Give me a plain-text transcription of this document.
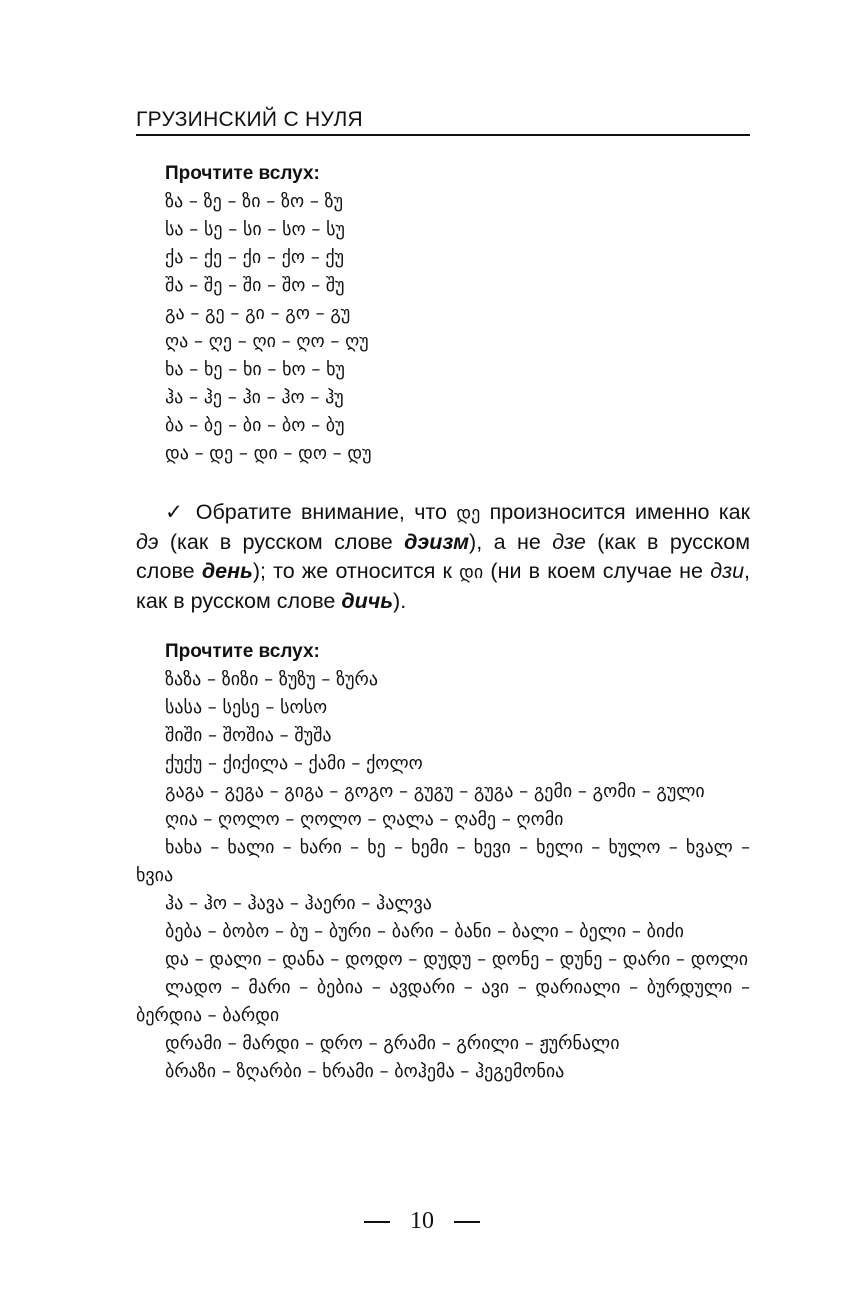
ГРУЗИНСКИЙ С НУЛЯ
Прочтите вслух:
ზა – ზე – ზი – ზო – ზუ
სა – სე – სი – სო – სუ
ქა – ქე – ქი – ქო – ქუ
შა – შე – ში – შო – შუ
გა – გე – გი – გო – გუ
ღა – ღე – ღი – ღო – ღუ
ხა – ხე – ხი – ხო – ხუ
ჰა – ჰე – ჰი – ჰო – ჰუ
ბა – ბე – ბი – ბო – ბუ
და – დე – დი – დო – დუ
✓ Обратите внимание, что დე произносится именно как дэ (как в русском слове дэизм), а не дзе (как в русском слове день); то же относится к დი (ни в коем случае не дзи, как в русском слове дичь).
Прочтите вслух:
ზაზა – ზიზი – ზუზუ – ზურა
სასა – სესე – სოსო
შიში – შოშია – შუშა
ქუქუ – ქიქილა – ქამი – ქოლო
გაგა – გეგა – გიგა – გოგო – გუგუ – გუგა – გემი – გომი – გული
ღია – ღოლო – ღოლო – ღალა – ღამე – ღომი
ხახა – ხალი – ხარი – ხე – ხემი – ხევი – ხელი – ხულო – ხვალ – ხვია
ჰა – ჰო – ჰავა – ჰაერი – ჰალვა
ბება – ბობო – ბუ – ბური – ბარი – ბანი – ბალი – ბელი – ბიძი
და – დალი – დანა – დოდო – დუდუ – დონე – დუნე – დარი – დოლი
ლადო – მარი – ბებია – ავდარი – ავი – დარიალი – ბურდული – ბერდია – ბარდი
დრამი – მარდი – დრო – გრამი – გრილი – ჟურნალი
ბრაზი – ზღარბი – ხრამი – ბოჰემა – ჰეგემონია
10
